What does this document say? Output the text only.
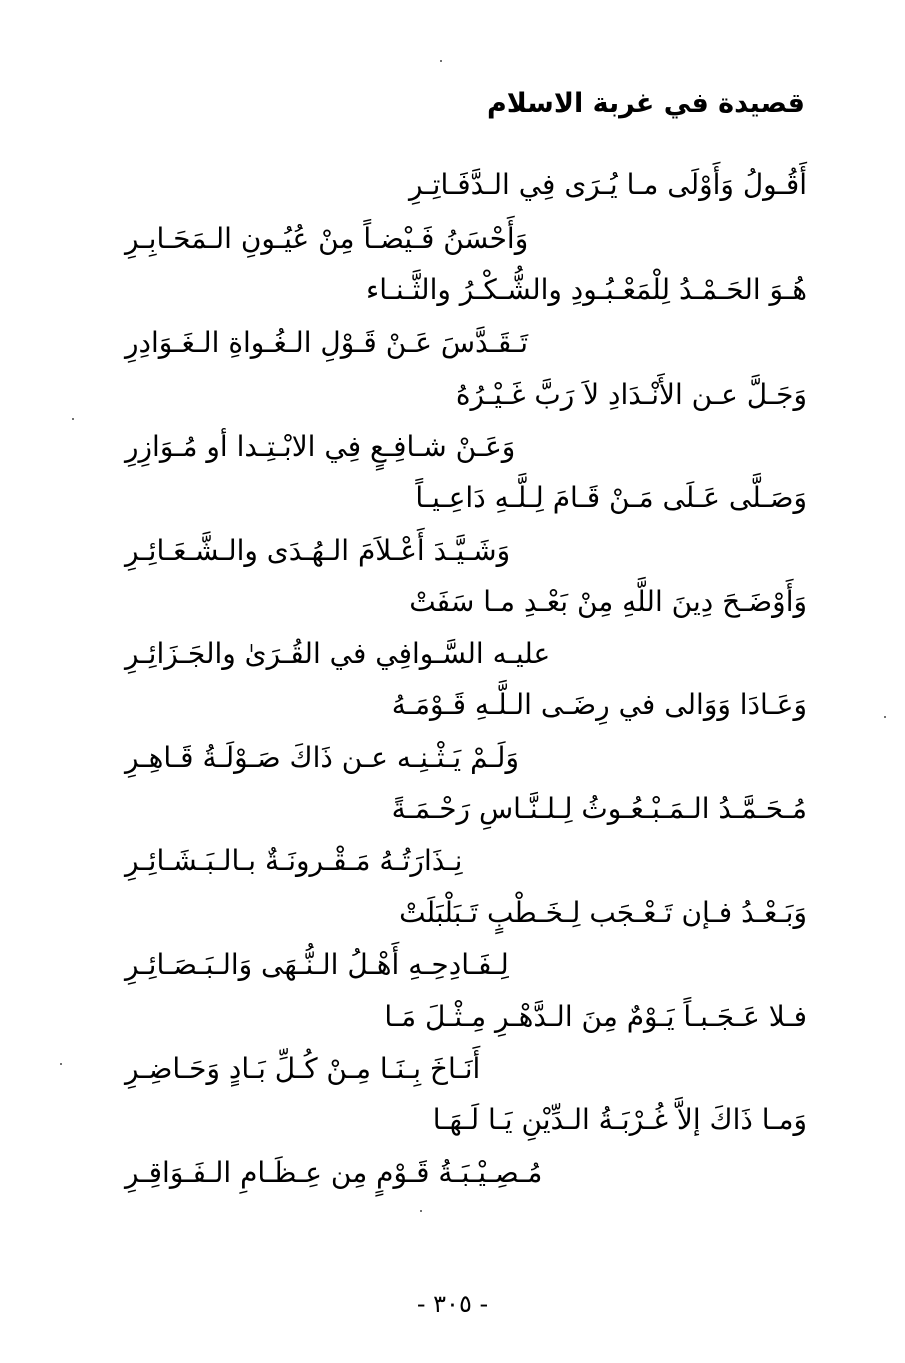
قصيدة في غربة الاسلام
أَقُـولُ وَأَوْلَى مـا يُـرَى فِي الـدَّفَـاتِـرِ
وَأَحْسَنُ فَـيْضـاً مِنْ عُيُـونِ الـمَحَـابِـرِ
هُـوَ الحَـمْـدُ لِلْمَعْـبُـودِ والشُّـكْـرُ والثَّـنـاء
تَـقَـدَّسَ عَـنْ قَـوْلِ الـغُـواةِ الـغَـوَادِرِ
وَجَـلَّ عـن الأَنْـدَادِ لاَ رَبَّ غَـيْـرُهُ
وَعَـنْ شـافِـعٍ فِي الابْـتِـدا أو مُـوَازِرِ
وَصَـلَّى عَـلَى مَـنْ قَـامَ لِـلَّـهِ دَاعِـيـاً
وَشَـيَّـدَ أَعْـلاَمَ الـهُـدَى والـشَّـعَـائِـرِ
وَأَوْضَـحَ دِينَ اللَّهِ مِنْ بَعْـدِ مـا سَفَتْ
عليـه السَّـوافِي في القُـرَىٰ والجَـزَائِـرِ
وَعَـادَا وَوَالى في رِضَـى الـلَّـهِ قَـوْمَـهُ
وَلَـمْ يَـثْـنِـه عـن ذَاكَ صَـوْلَـةُ قَـاهِـرِ
مُـحَـمَّـدُ الـمَـبْـعُـوثُ لِـلـنَّـاسِ رَحْـمَـةً
نِـذَارَتُـهُ مَـقْـرونَـةٌ بـالـبَـشَـائِـرِ
وَبَـعْـدُ فـإن تَـعْـجَب لِـخَـطْبٍ تَـبَلْبَلَتْ
لِـفَـادِحِـهِ أَهْـلُ الـنُّـهَى وَالـبَـصَـائِـرِ
فـلا عَـجَـبـاً يَـوْمٌ مِنَ الـدَّهْـرِ مِـثْـلَ مَـا
أَنَـاخَ بِـنَـا مِـنْ كُـلِّ بَـادٍ وَحَـاضِـرِ
وَمـا ذَاكَ إلاَّ غُـرْبَـةُ الـدِّيْنِ يَـا لَـهَـا
مُـصِـيْـبَـةُ قَـوْمٍ مِن عِـظَـامِ الـفَـوَاقِـرِ
- ٣٠٥ -
